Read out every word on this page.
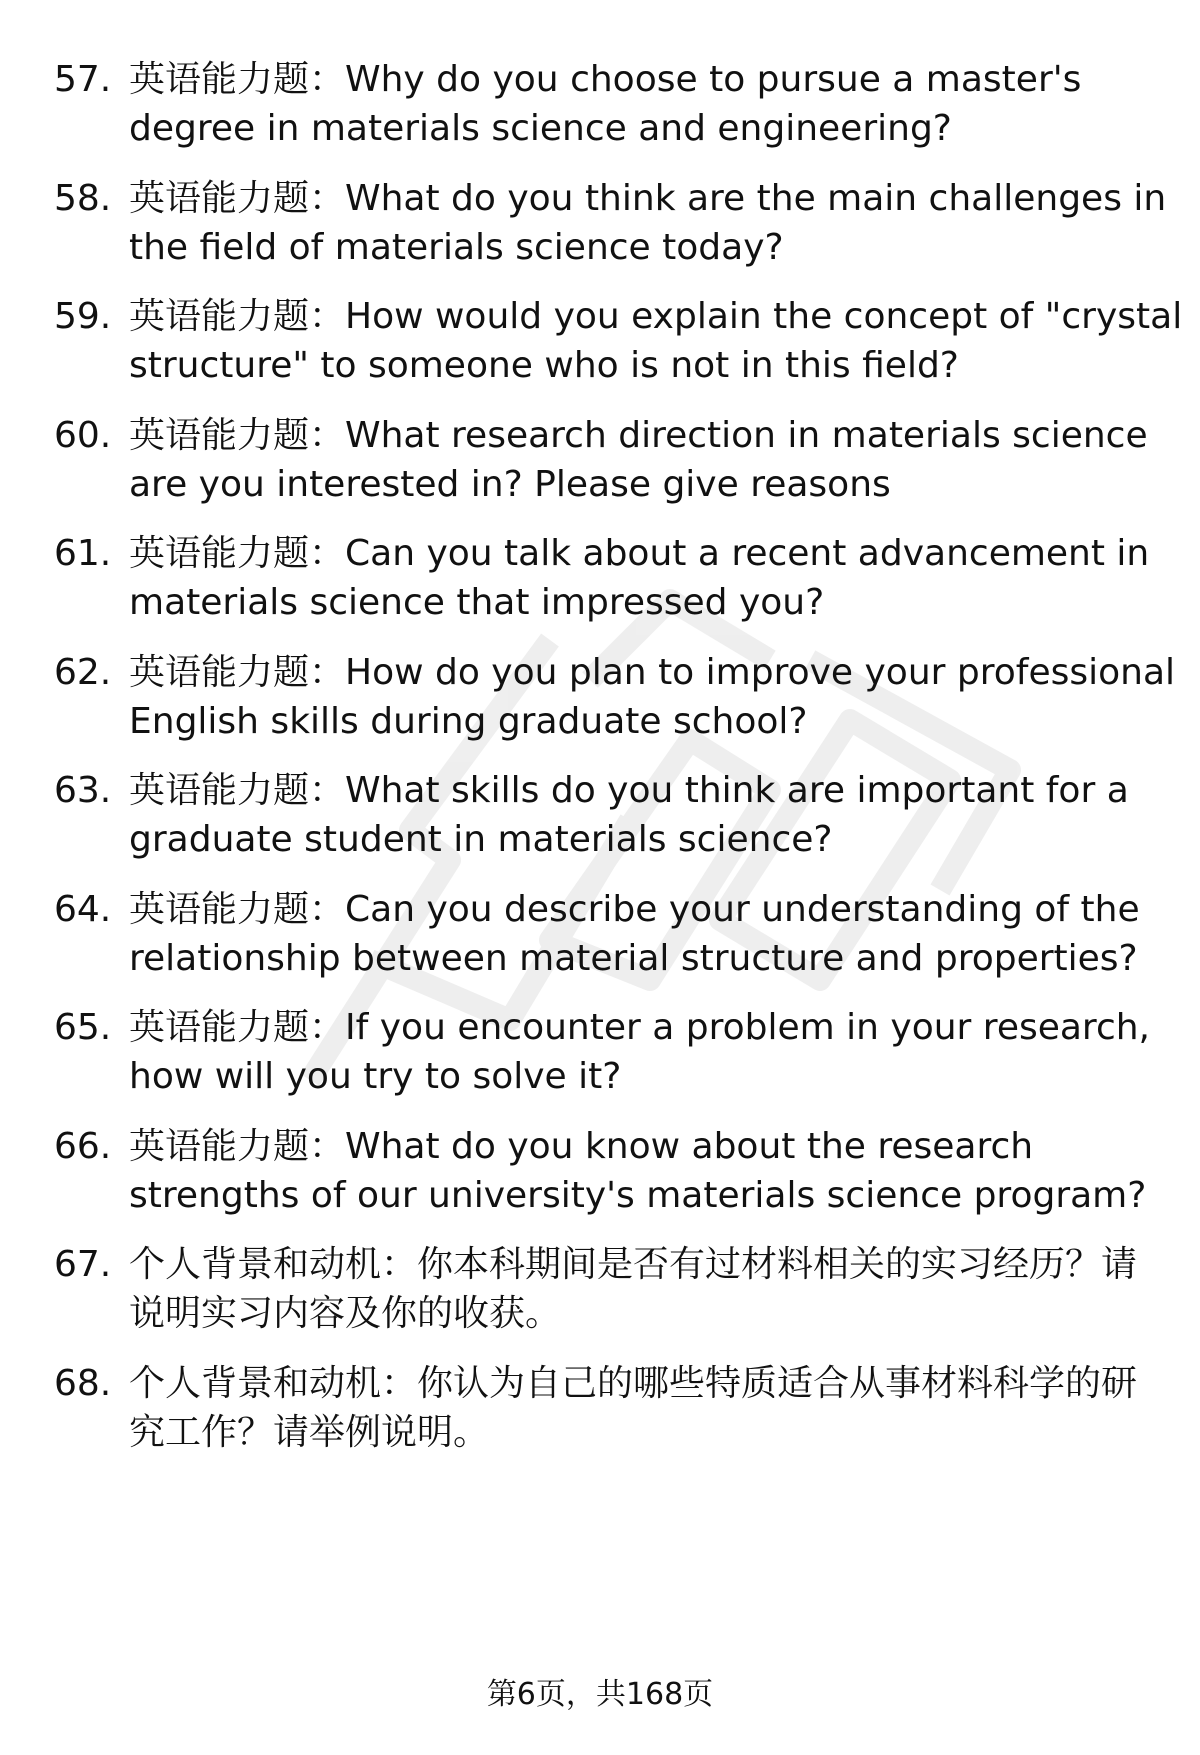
57. 英语能力题：Why do you choose to pursue a master's
degree in materials science and engineering?
58. 英语能力题：What do you think are the main challenges in
the field of materials science today?
59. 英语能力题：How would you explain the concept of "crystal
structure" to someone who is not in this field?
60. 英语能力题：What research direction in materials science
are you interested in? Please give reasons
61. 英语能力题：Can you talk about a recent advancement in
materials science that impressed you?
62. 英语能力题：How do you plan to improve your professional
English skills during graduate school?
63. 英语能力题：What skills do you think are important for a
graduate student in materials science?
64. 英语能力题：Can you describe your understanding of the
relationship between material structure and properties?
65. 英语能力题：If you encounter a problem in your research,
how will you try to solve it?
66. 英语能力题：What do you know about the research
strengths of our university's materials science program?
67. 个人背景和动机：你本科期间是否有过材料相关的实习经历？请
说明实习内容及你的收获。
68. 个人背景和动机：你认为自己的哪些特质适合从事材料科学的研
究工作？请举例说明。
第6页，共168页
